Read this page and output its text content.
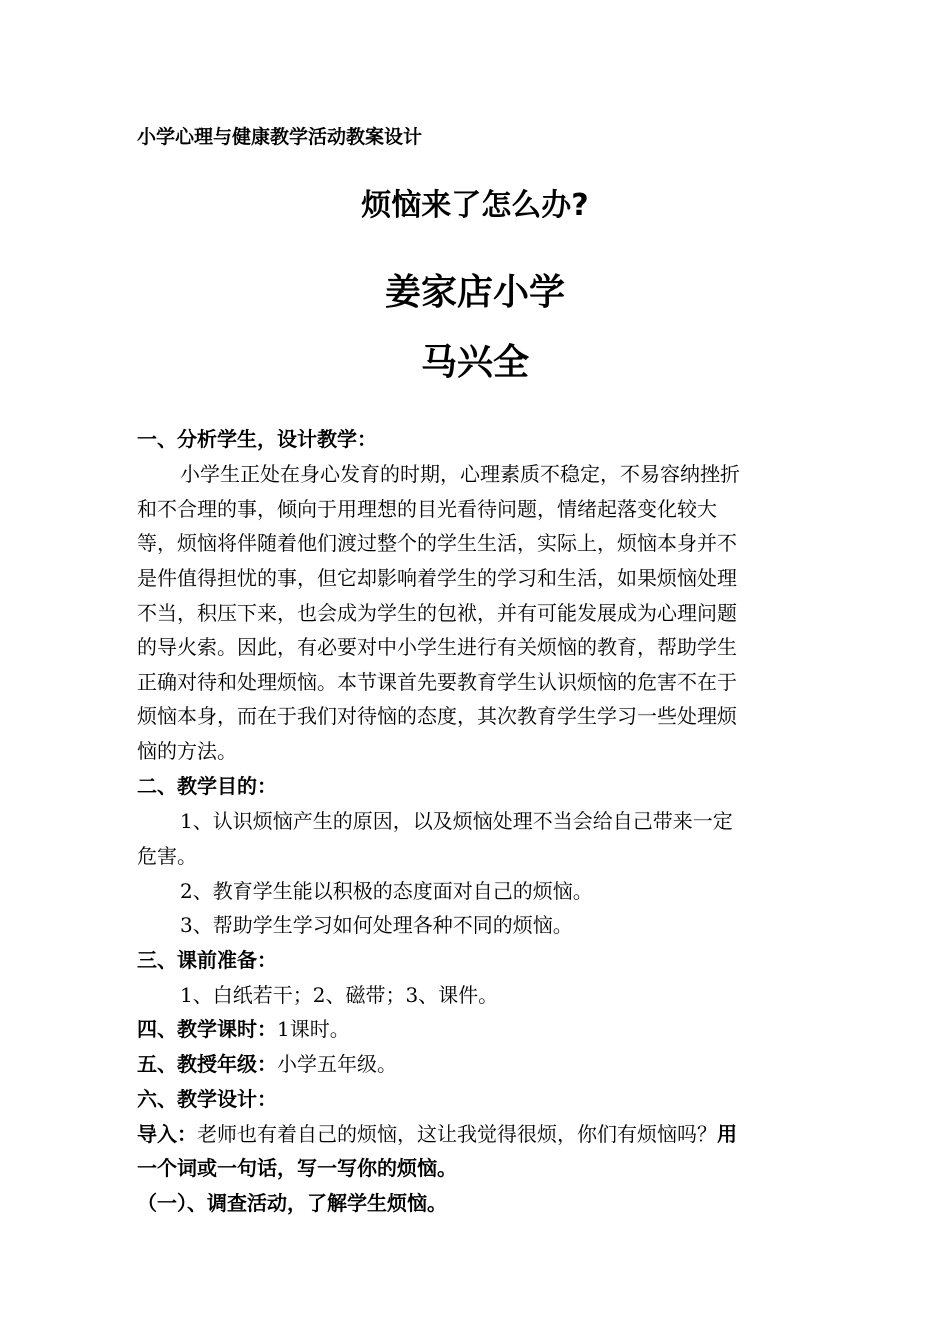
小学心理与健康教学活动教案设计
烦恼来了怎么办?
姜家店小学
马兴全
一、分析学生，设计教学：
小学生正处在身心发育的时期，心理素质不稳定，不易容纳挫折
和不合理的事，倾向于用理想的目光看待问题，情绪起落变化较大
等，烦恼将伴随着他们渡过整个的学生生活，实际上，烦恼本身并不
是件值得担忧的事，但它却影响着学生的学习和生活，如果烦恼处理
不当，积压下来，也会成为学生的包袱，并有可能发展成为心理问题
的导火索。因此，有必要对中小学生进行有关烦恼的教育，帮助学生
正确对待和处理烦恼。本节课首先要教育学生认识烦恼的危害不在于
烦恼本身，而在于我们对待恼的态度，其次教育学生学习一些处理烦
恼的方法。
二、教学目的：
1、认识烦恼产生的原因，以及烦恼处理不当会给自己带来一定
危害。
2、教育学生能以积极的态度面对自己的烦恼。
3、帮助学生学习如何处理各种不同的烦恼。
三、课前准备：
1、白纸若干；2、磁带；3、课件。
四、教学课时：1课时。
五、教授年级：小学五年级。
六、教学设计：
导入：老师也有着自己的烦恼，这让我觉得很烦，你们有烦恼吗？用
一个词或一句话，写一写你的烦恼。
（一）、调查活动，了解学生烦恼。
